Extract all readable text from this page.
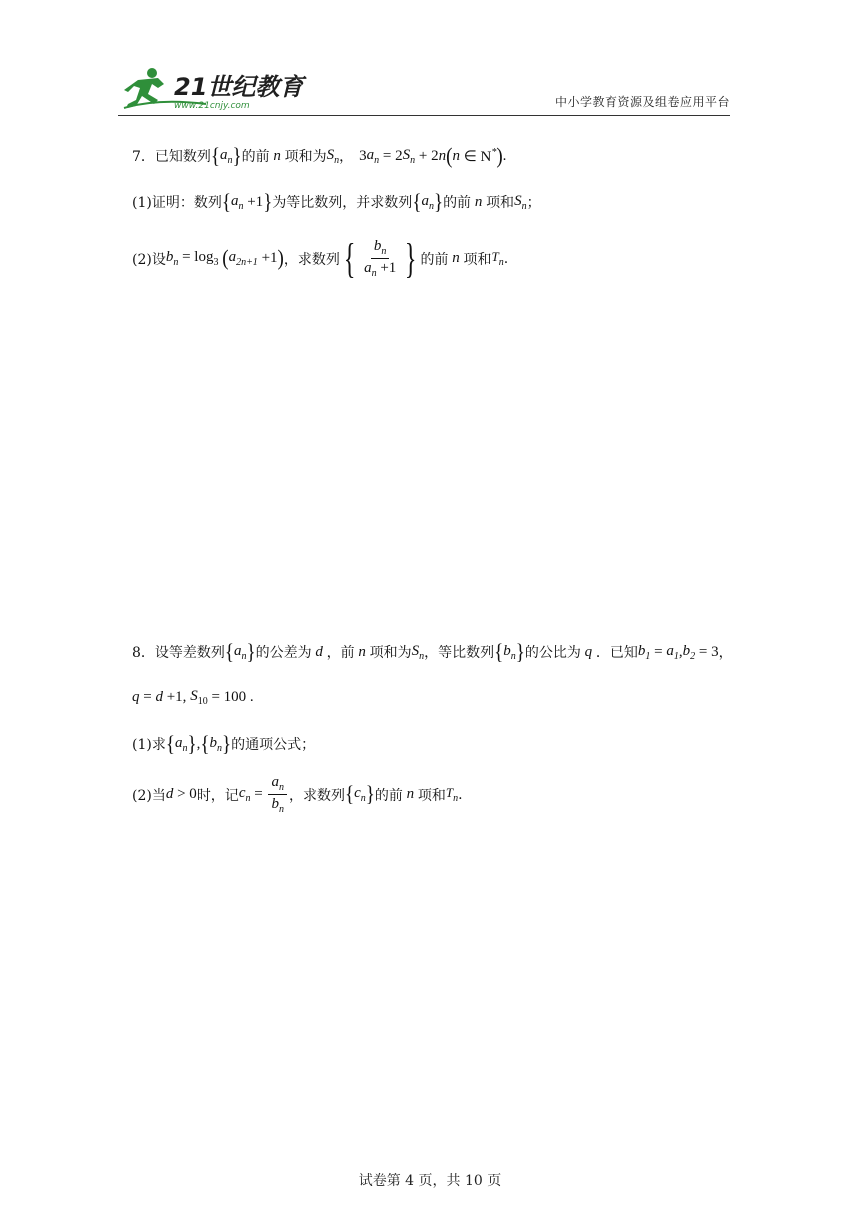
21世纪教育
www.21cnjy.com	中小学教育资源及组卷应用平台
7．已知数列 { $a_n$ } 的前 n 项和为 $S_n$ ， 3 $a_n = 2$ $S_n + 2$ n ( n ∈ N* ) .
(1)证明：数列 { $a_n +1$ } 为等比数列，并求数列 { $a_n$ } 的前 n 项和 $S_n$ ；
(2)设 $b_n = \log_3$ ( $a_{2n+1} +1$ ) ，求数列 { $\frac{b_n}{a_n +1}$ } 的前 n 项和 $T_n$ .
8．设等差数列 { $a_n$ } 的公差为 d ，前 n 项和为 $S_n$ ，等比数列 { $b_n$ } 的公比为 q ．已知 $b_1 = a_1$ , $b_2 = 3$ ，
q = d +1, $S_{10} = 100$ .
(1)求 { $a_n$ } , { $b_n$ } 的通项公式；
(2)当 d > 0 时，记 $c_n = \frac{a_n}{b_n}$ ，求数列 { $c_n$ } 的前 n 项和 $T_n$ .
试卷第 4 页，共 10 页
